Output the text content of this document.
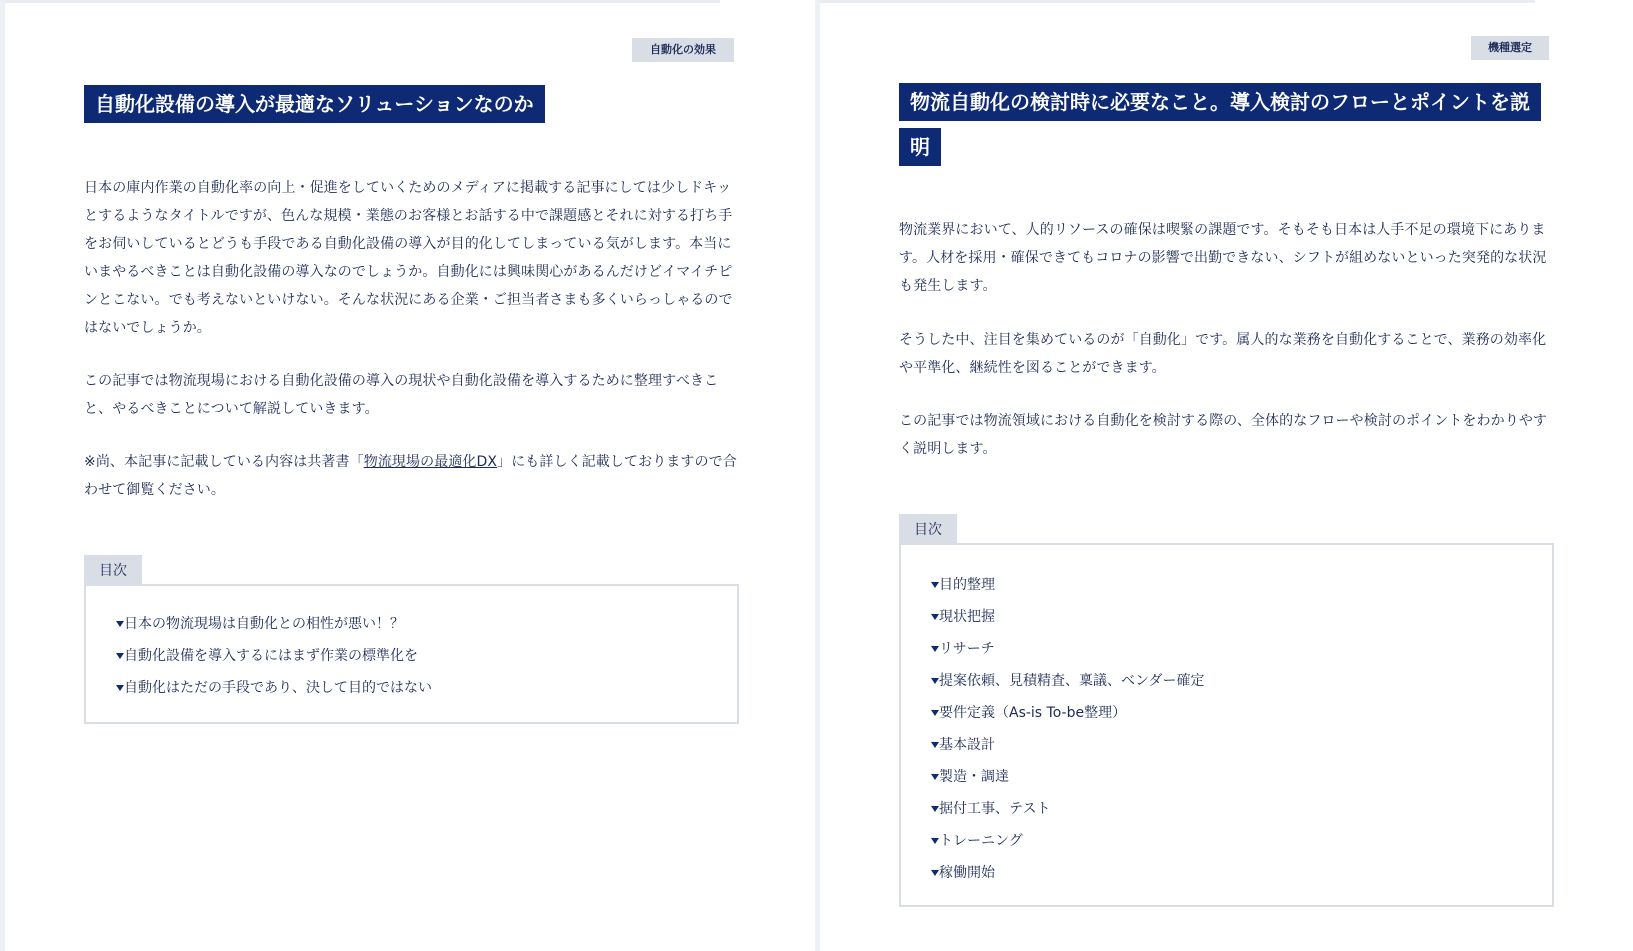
自動化の効果
自動化設備の導入が最適なソリューションなのか

日本の庫内作業の自動化率の向上・促進をしていくためのメディアに掲載する記事にしては少しドキッとするようなタイトルですが、色んな規模・業態のお客様とお話する中で課題感とそれに対する打ち手をお伺いしているとどうも手段である自動化設備の導入が目的化してしまっている気がします。本当にいまやるべきことは自動化設備の導入なのでしょうか。自動化には興味関心があるんだけどイマイチピンとこない。でも考えないといけない。そんな状況にある企業・ご担当者さまも多くいらっしゃるのではないでしょうか。

この記事では物流現場における自動化設備の導入の現状や自動化設備を導入するために整理すべきこと、やるべきことについて解説していきます。

※尚、本記事に記載している内容は共著書「物流現場の最適化DX」にも詳しく記載しておりますので合わせて御覧ください。

目次
日本の物流現場は自動化との相性が悪い！？
自動化設備を導入するにはまず作業の標準化を
自動化はただの手段であり、決して目的ではない
機種選定
物流自動化の検討時に必要なこと。導入検討のフローとポイントを説明

物流業界において、人的リソースの確保は喫緊の課題です。そもそも日本は人手不足の環境下にあります。人材を採用・確保できてもコロナの影響で出勤できない、シフトが組めないといった突発的な状況も発生します。

そうした中、注目を集めているのが「自動化」です。属人的な業務を自動化することで、業務の効率化や平準化、継続性を図ることができます。

この記事では物流領域における自動化を検討する際の、全体的なフローや検討のポイントをわかりやすく説明します。

目次
目的整理
現状把握
リサーチ
提案依頼、見積精査、稟議、ベンダー確定
要件定義（As-is To-be整理）
基本設計
製造・調達
据付工事、テスト
トレーニング
稼働開始
